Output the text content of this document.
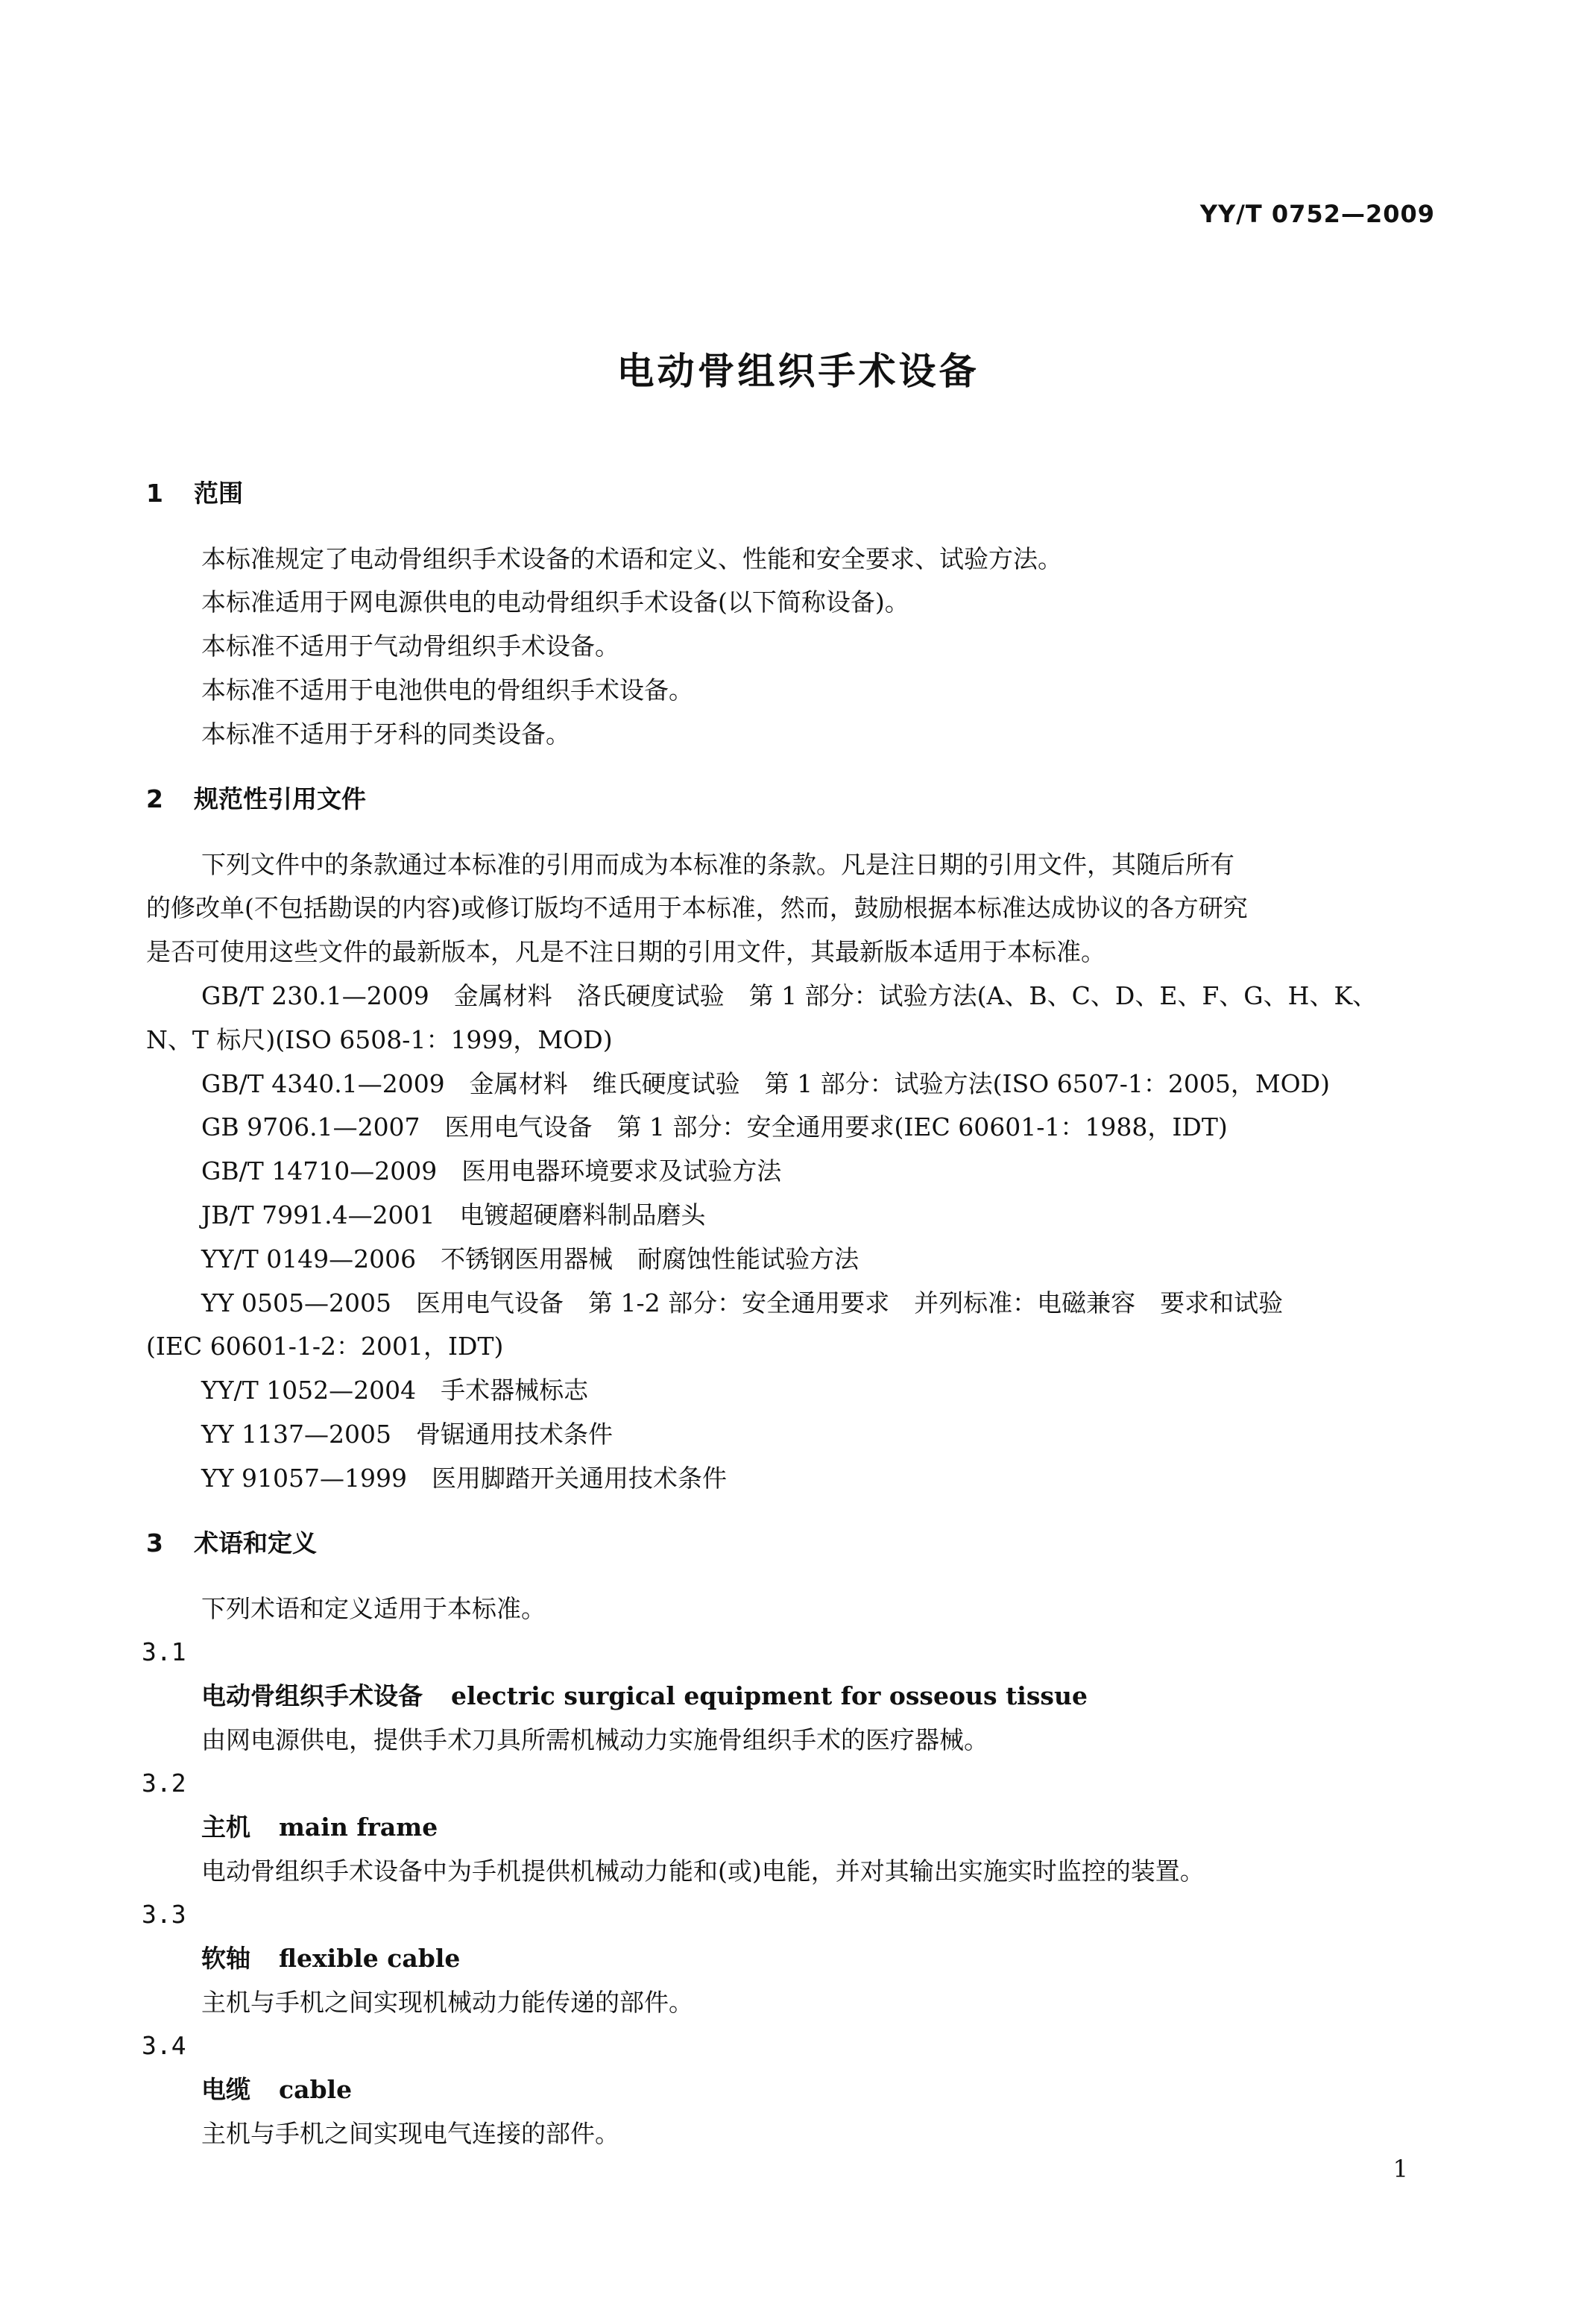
YY/T 0752—2009
电动骨组织手术设备
1 范围
本标准规定了电动骨组织手术设备的术语和定义、性能和安全要求、试验方法。
本标准适用于网电源供电的电动骨组织手术设备(以下简称设备)。
本标准不适用于气动骨组织手术设备。
本标准不适用于电池供电的骨组织手术设备。
本标准不适用于牙科的同类设备。
2 规范性引用文件
下列文件中的条款通过本标准的引用而成为本标准的条款。凡是注日期的引用文件，其随后所有
的修改单(不包括勘误的内容)或修订版均不适用于本标准，然而，鼓励根据本标准达成协议的各方研究
是否可使用这些文件的最新版本，凡是不注日期的引用文件，其最新版本适用于本标准。
GB/T 230.1—2009　金属材料　洛氏硬度试验　第 1 部分：试验方法(A、B、C、D、E、F、G、H、K、
N、T 标尺)(ISO 6508-1：1999，MOD)
GB/T 4340.1—2009　金属材料　维氏硬度试验　第 1 部分：试验方法(ISO 6507-1：2005，MOD)
GB 9706.1—2007　医用电气设备　第 1 部分：安全通用要求(IEC 60601-1：1988，IDT)
GB/T 14710—2009　医用电器环境要求及试验方法
JB/T 7991.4—2001　电镀超硬磨料制品磨头
YY/T 0149—2006　不锈钢医用器械　耐腐蚀性能试验方法
YY 0505—2005　医用电气设备　第 1-2 部分：安全通用要求　并列标准：电磁兼容　要求和试验
(IEC 60601-1-2：2001，IDT)
YY/T 1052—2004　手术器械标志
YY 1137—2005　骨锯通用技术条件
YY 91057—1999　医用脚踏开关通用技术条件
3 术语和定义
下列术语和定义适用于本标准。
3.1
电动骨组织手术设备 electric surgical equipment for osseous tissue
由网电源供电，提供手术刀具所需机械动力实施骨组织手术的医疗器械。
3.2
主机 main frame
电动骨组织手术设备中为手机提供机械动力能和(或)电能，并对其输出实施实时监控的装置。
3.3
软轴 flexible cable
主机与手机之间实现机械动力能传递的部件。
3.4
电缆 cable
主机与手机之间实现电气连接的部件。
1
